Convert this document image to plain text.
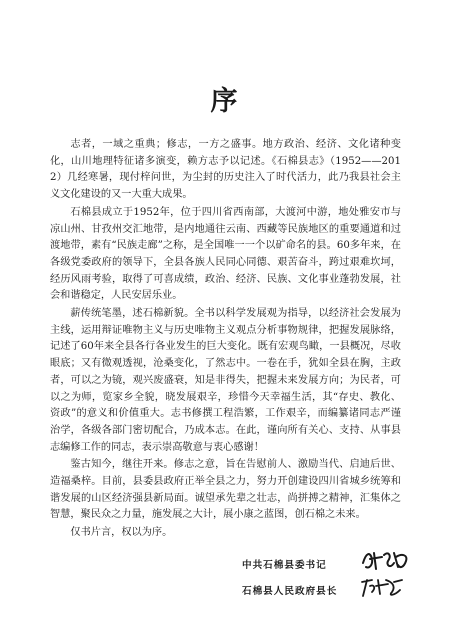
序

志者，一域之重典；修志，一方之盛事。地方政治、经济、文化诸种变化，山川地理特征诸多演变，赖方志予以记述。《石棉县志》（1952——2012）几经寒暑，现付梓问世，为尘封的历史注入了时代活力，此乃我县社会主义文化建设的又一大重大成果。

石棉县成立于1952年，位于四川省西南部，大渡河中游，地处雅安市与凉山州、甘孜州交汇地带，是内地通往云南、西藏等民族地区的重要通道和过渡地带，素有“民族走廊”之称，是全国唯一一个以矿命名的县。60多年来，在各级党委政府的领导下，全县各族人民同心同德、艰苦奋斗，跨过艰难坎坷，经历风雨考验，取得了可喜成绩，政治、经济、民族、文化事业蓬勃发展，社会和谐稳定，人民安居乐业。

薪传统笔墨，述石棉新貌。全书以科学发展观为指导，以经济社会发展为主线，运用辩证唯物主义与历史唯物主义观点分析事物规律，把握发展脉络，记述了60年来全县各行各业发生的巨大变化。既有宏观鸟瞰，一县概况，尽收眼底；又有微观透视，沧桑变化，了然志中。一卷在手，犹如全县在胸，主政者，可以之为镜，观兴废盛衰，知是非得失，把握未来发展方向；为民者，可以之为师，览家乡全貌，晓发展艰辛，珍惜今天幸福生活，其“存史、教化、资政”的意义和价值重大。志书修撰工程浩繁，工作艰辛，而编纂诸同志严谨治学，各级各部门密切配合，乃成本志。在此，谨向所有关心、支持、从事县志编修工作的同志，表示崇高敬意与衷心感谢！

鉴古知今，继往开来。修志之意，旨在告慰前人、激励当代、启迪后世、造福桑梓。目前，县委县政府正举全县之力，努力开创建设四川省城乡统筹和谐发展的山区经济强县新局面。诚望承先辈之壮志，尚拼搏之精神，汇集体之智慧，聚民众之力量，施发展之大计，展小康之蓝图，创石棉之未来。

仅书片言，权以为序。

中共石棉县委书记
石棉县人民政府县长
